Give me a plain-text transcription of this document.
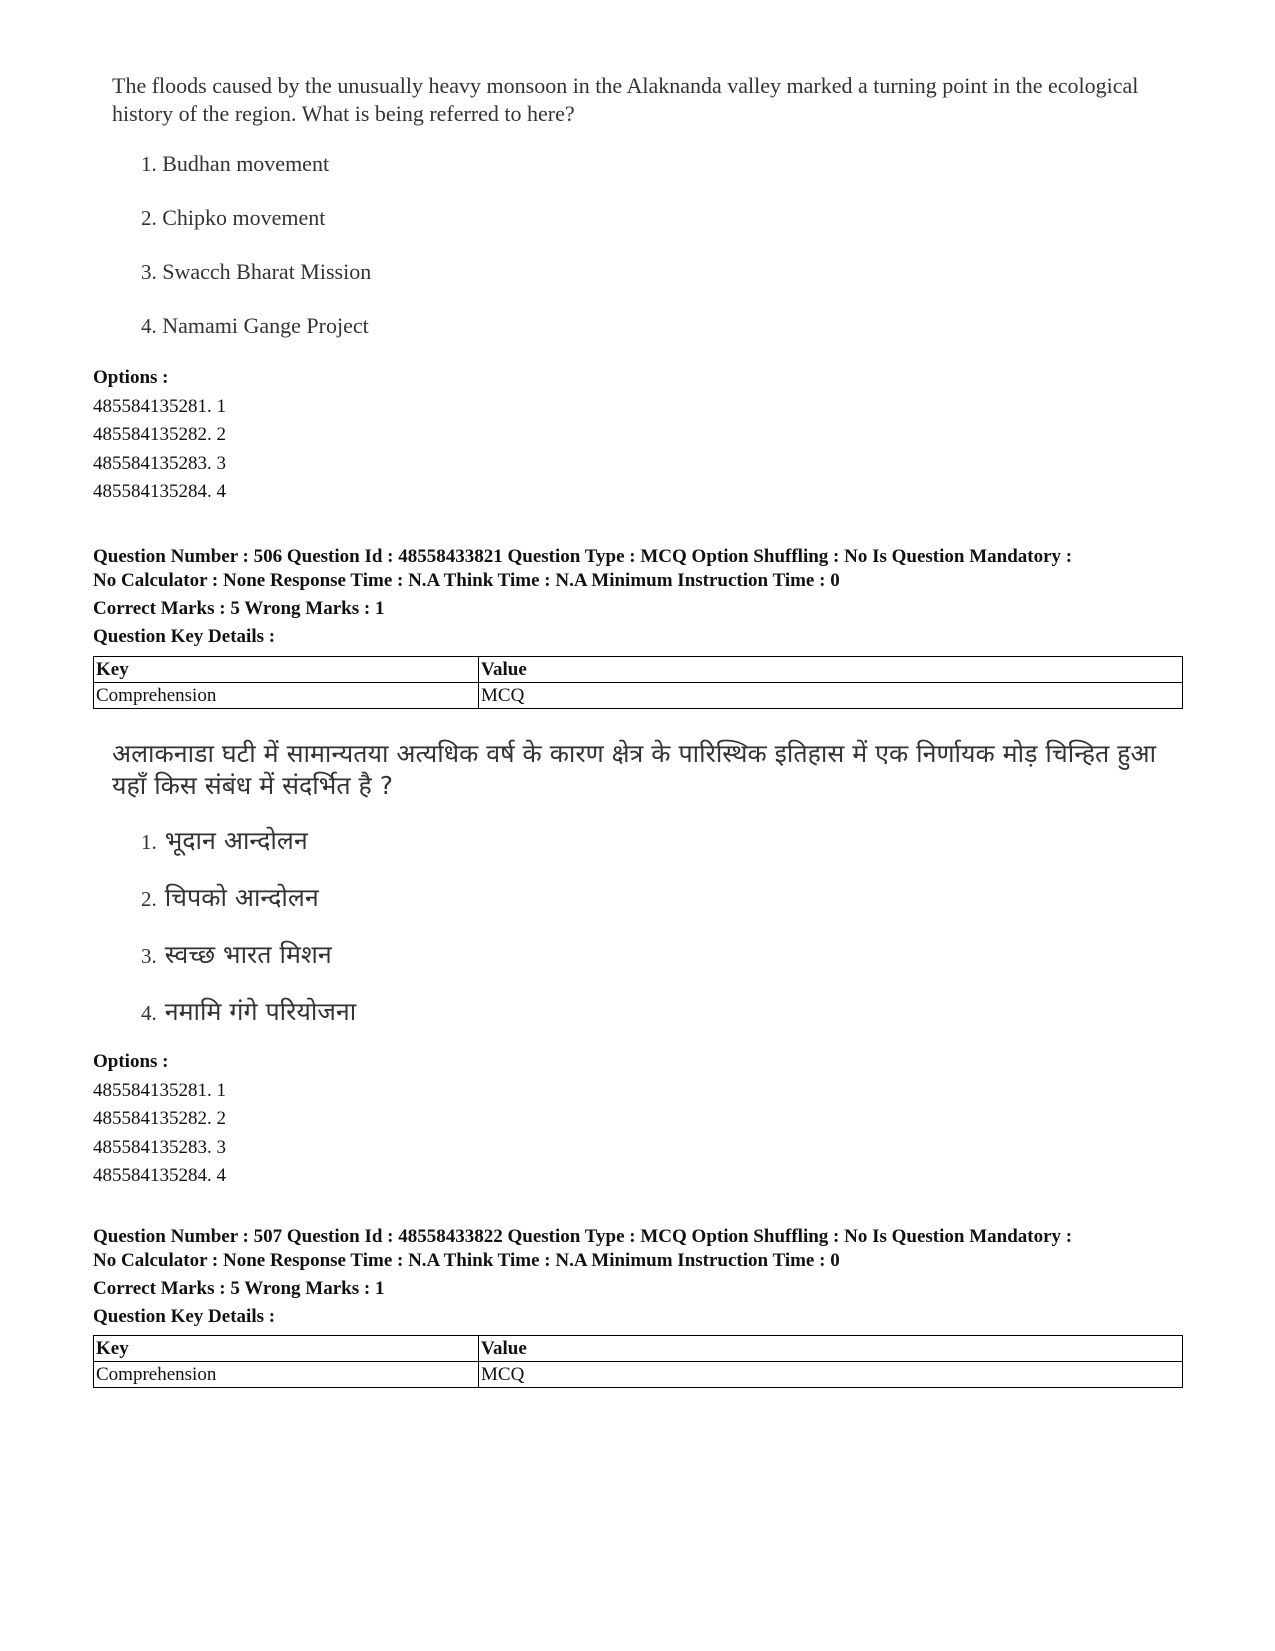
The floods caused by the unusually heavy monsoon in the Alaknanda valley marked a turning point in the ecological history of the region. What is being referred to here?

1. Budhan movement
2. Chipko movement
3. Swacch Bharat Mission
4. Namami Gange Project
Options :
485584135281. 1
485584135282. 2
485584135283. 3
485584135284. 4

Question Number : 506 Question Id : 48558433821 Question Type : MCQ Option Shuffling : No Is Question Mandatory :

No Calculator : None Response Time : N.A Think Time : N.A Minimum Instruction Time : 0

Correct Marks : 5 Wrong Marks : 1
Question Key Details :
Key	Value
Comprehension	MCQ

अलाकनाडा घटी में सामान्यतया अत्यधिक वर्ष के कारण क्षेत्र के पारिस्थिक इतिहास में एक निर्णायक मोड़ चिन्हित हुआ यहाँ किस संबंध में संदर्भित है ?

1. भूदान आन्दोलन
2. चिपको आन्दोलन
3. स्वच्छ भारत मिशन
4. नमामि गंगे परियोजना
Options :
485584135281. 1
485584135282. 2
485584135283. 3
485584135284. 4

Question Number : 507 Question Id : 48558433822 Question Type : MCQ Option Shuffling : No Is Question Mandatory :

No Calculator : None Response Time : N.A Think Time : N.A Minimum Instruction Time : 0

Correct Marks : 5 Wrong Marks : 1
Question Key Details :
Key	Value
Comprehension	MCQ
